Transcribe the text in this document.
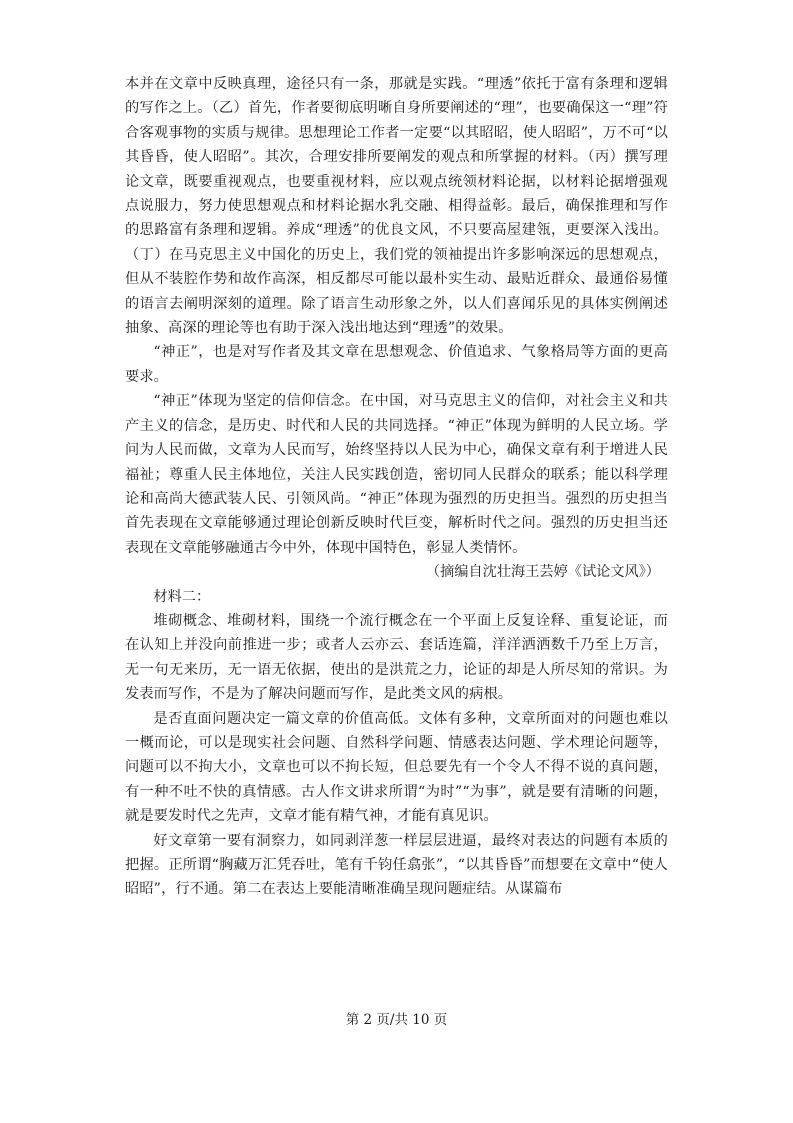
本并在文章中反映真理，途径只有一条，那就是实践。“理透”依托于富有条理和逻辑的写作之上。（乙）首先，作者要彻底明晰自身所要阐述的“理”，也要确保这一“理”符合客观事物的实质与规律。思想理论工作者一定要“以其昭昭，使人昭昭”，万不可“以其昏昏，使人昭昭”。其次，合理安排所要阐发的观点和所掌握的材料。（丙）撰写理论文章，既要重视观点，也要重视材料，应以观点统领材料论据，以材料论据增强观点说服力，努力使思想观点和材料论据水乳交融、相得益彰。最后，确保推理和写作的思路富有条理和逻辑。养成“理透”的优良文风，不只要高屋建瓴，更要深入浅出。（丁）在马克思主义中国化的历史上，我们党的领袖提出许多影响深远的思想观点，但从不装腔作势和故作高深，相反都尽可能以最朴实生动、最贴近群众、最通俗易懂的语言去阐明深刻的道理。除了语言生动形象之外，以人们喜闻乐见的具体实例阐述抽象、高深的理论等也有助于深入浅出地达到“理透”的效果。

“神正”，也是对写作者及其文章在思想观念、价值追求、气象格局等方面的更高要求。

“神正”体现为坚定的信仰信念。在中国，对马克思主义的信仰，对社会主义和共产主义的信念，是历史、时代和人民的共同选择。“神正”体现为鲜明的人民立场。学问为人民而做，文章为人民而写，始终坚持以人民为中心，确保文章有利于增进人民福祉；尊重人民主体地位，关注人民实践创造，密切同人民群众的联系；能以科学理论和高尚大德武装人民、引领风尚。“神正”体现为强烈的历史担当。强烈的历史担当首先表现在文章能够通过理论创新反映时代巨变，解析时代之问。强烈的历史担当还表现在文章能够融通古今中外，体现中国特色，彰显人类情怀。

（摘编自沈壮海王芸婷《试论文风》）

材料二：

堆砌概念、堆砌材料，围绕一个流行概念在一个平面上反复诠释、重复论证，而在认知上并没向前推进一步；或者人云亦云、套话连篇，洋洋洒洒数千乃至上万言，无一句无来历，无一语无依据，使出的是洪荒之力，论证的却是人所尽知的常识。为发表而写作，不是为了解决问题而写作，是此类文风的病根。

是否直面问题决定一篇文章的价值高低。文体有多种，文章所面对的问题也难以一概而论，可以是现实社会问题、自然科学问题、情感表达问题、学术理论问题等，问题可以不拘大小，文章也可以不拘长短，但总要先有一个令人不得不说的真问题，有一种不吐不快的真情感。古人作文讲求所谓“为时”“为事”，就是要有清晰的问题，就是要发时代之先声，文章才能有精气神，才能有真见识。

好文章第一要有洞察力，如同剥洋葱一样层层进逼，最终对表达的问题有本质的把握。正所谓“胸藏万汇凭吞吐，笔有千钧任翕张”，“以其昏昏”而想要在文章中“使人昭昭”，行不通。第二在表达上要能清晰准确呈现问题症结。从谋篇布

第 2 页/共 10 页
